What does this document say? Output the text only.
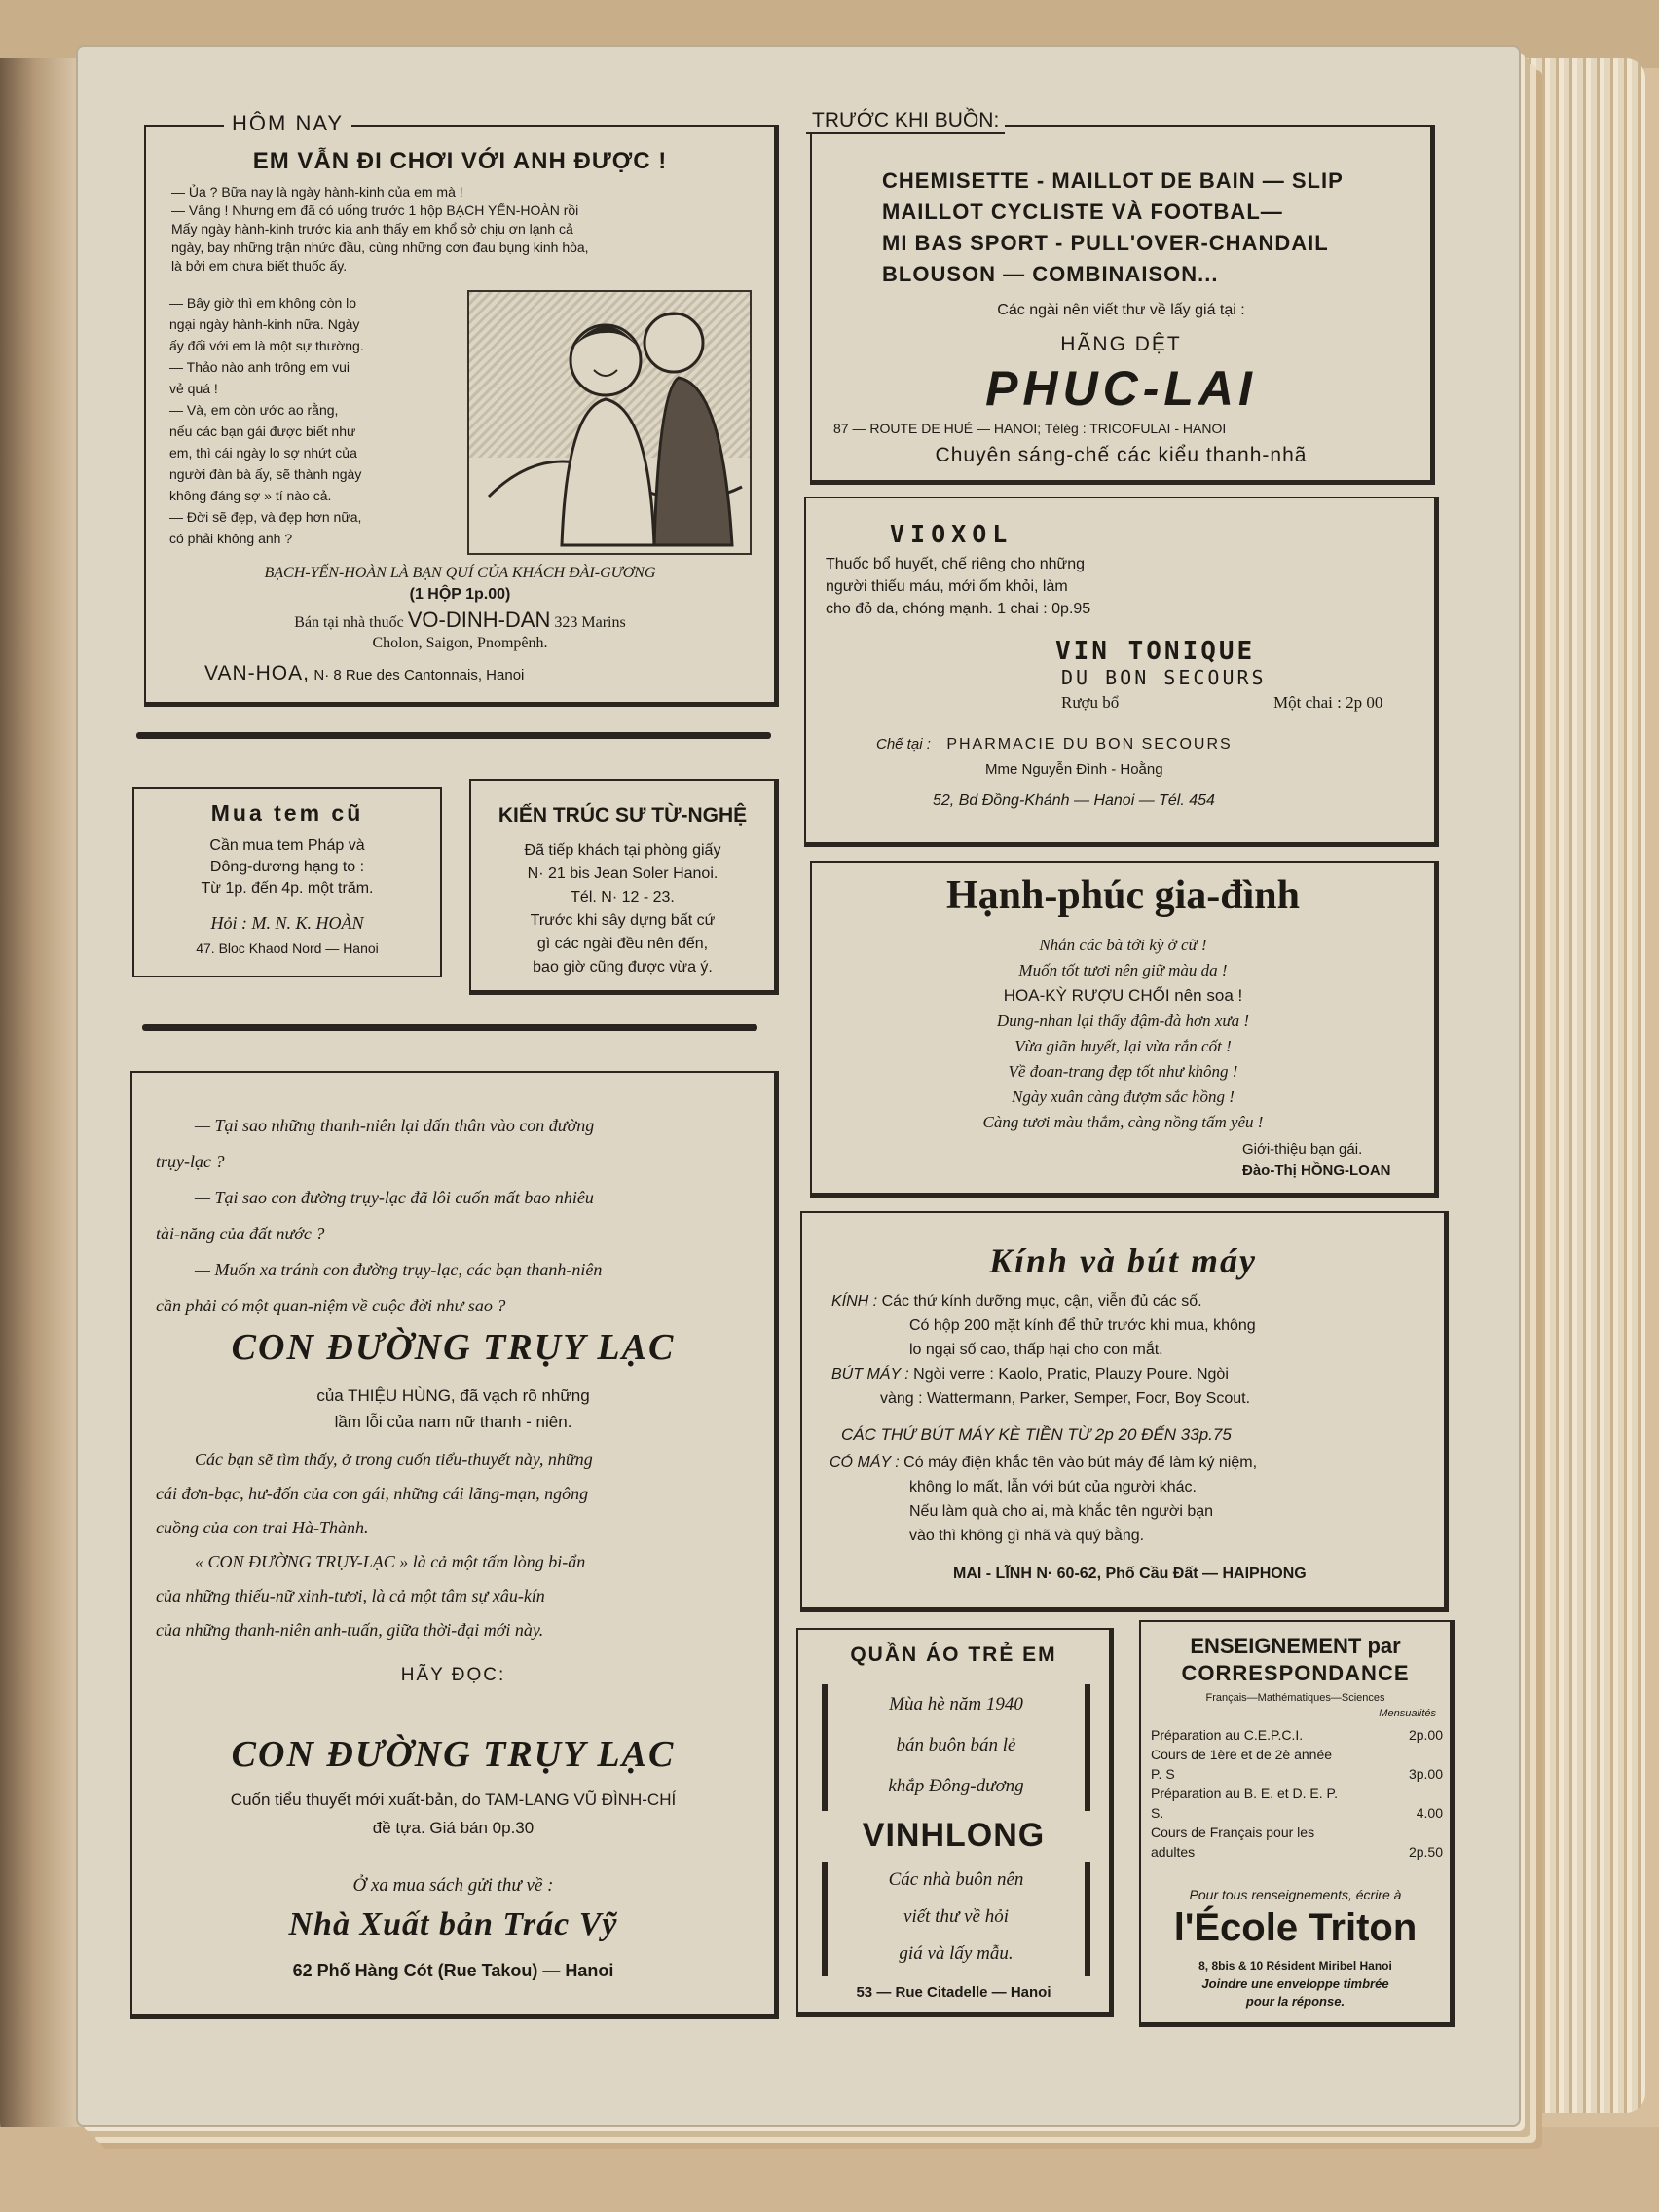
HÔM NAY
EM VẪN ĐI CHƠI VỚI ANH ĐƯỢC !
— Ủa ? Bữa nay là ngày hành-kinh của em mà !
— Vâng ! Nhưng em đã có uống trước 1 hộp BẠCH YẾN-HOÀN rồi
Mấy ngày hành-kinh trước kia anh thấy em khổ sở chịu ơn lạnh cả
ngày, bay những trận nhức đầu, cùng những cơn đau bụng kinh hòa,
là bởi em chưa biết thuốc ấy.
— Bây giờ thì em không còn lo
ngại ngày hành-kinh nữa. Ngày
ấy đối với em là một sự thường.
— Thảo nào anh trông em vui
vẻ quá !
— Và, em còn ước ao rằng,
nếu các bạn gái được biết như
em, thì cái ngày lo sợ nhứt của
người đàn bà ấy, sẽ thành ngày
không đáng sợ » tí nào cả.
— Đời sẽ đẹp, và đẹp hơn nữa,
có phải không anh ?
BẠCH-YẾN-HOÀN LÀ BẠN QUÍ CỦA KHÁCH ĐÀI-GƯƠNG
(1 HỘP 1p.00)
Bán tại nhà thuốc VO-DINH-DAN 323 Marins
Cholon, Saigon, Pnompênh.
VAN-HOA, N· 8 Rue des Cantonnais, Hanoi
Mua tem cũ
Cần mua tem Pháp và
Đông-dương hạng to :
Từ 1p. đến 4p. một trăm.
Hỏi : M. N. K. HOÀN
47. Bloc Khaod Nord — Hanoi
KIẾN TRÚC SƯ TỪ-NGHỆ
Đã tiếp khách tại phòng giấy
N· 21 bis Jean Soler Hanoi.
Tél. N· 12 - 23.
Trước khi sây dựng bất cứ
gì các ngài đều nên đến,
bao giờ cũng được vừa ý.
— Tại sao những thanh-niên lại dấn thân vào con đường
trụy-lạc ?
— Tại sao con đường trụy-lạc đã lôi cuốn mất bao nhiêu
tài-năng của đất nước ?
— Muốn xa tránh con đường trụy-lạc, các bạn thanh-niên
cần phải có một quan-niệm về cuộc đời như sao ?
CON ĐƯỜNG TRỤY LẠC
của THIỆU HÙNG, đã vạch rõ những
lầm lỗi của nam nữ thanh - niên.
Các bạn sẽ tìm thấy, ở trong cuốn tiểu-thuyết này, những
cái đơn-bạc, hư-đốn của con gái, những cái lãng-mạn, ngông
cuồng của con trai Hà-Thành.
« CON ĐƯỜNG TRỤY-LẠC » là cả một tấm lòng bi-ẩn
của những thiếu-nữ xinh-tươi, là cả một tâm sự xâu-kín
của những thanh-niên anh-tuấn, giữa thời-đại mới này.
HÃY ĐỌC:
CON ĐƯỜNG TRỤY LẠC
Cuốn tiểu thuyết mới xuất-bản, do TAM-LANG VŨ ĐÌNH-CHÍ
đề tựa. Giá bán 0p.30
Ở xa mua sách gửi thư về :
Nhà Xuất bản Trác Vỹ
62 Phố Hàng Cót (Rue Takou) — Hanoi
TRƯỚC KHI BUỒN:
CHEMISETTE - MAILLOT DE BAIN — SLIP
MAILLOT CYCLISTE VÀ FOOTBAL—
MI BAS SPORT - PULL'OVER-CHANDAIL
BLOUSON — COMBINAISON...
Các ngài nên viết thư về lấy giá tại :
HÃNG DỆT
PHUC-LAI
87 — ROUTE DE HUÉ — HANOI; Télég : TRICOFULAI - HANOI
Chuyên sáng-chế các kiểu thanh-nhã
VIOXOL
Thuốc bổ huyết, chế riêng cho những
người thiếu máu, mới ốm khỏi, làm
cho đỏ da, chóng mạnh. 1 chai : 0p.95
VIN TONIQUE
DU BON SECOURS
Rượu bổ	Một chai : 2p 00
Chế tại : PHARMACIE DU BON SECOURS
Mme Nguyễn Đình - Hoằng
52, Bd Đồng-Khánh — Hanoi — Tél. 454
Hạnh-phúc gia-đình
Nhắn các bà tới kỳ ở cữ !
Muốn tốt tươi nên giữ màu da !
HOA-KỲ RƯỢU CHỔI nên soa !
Dung-nhan lại thấy đậm-đà hơn xưa !
Vừa giãn huyết, lại vừa rắn cốt !
Về đoan-trang đẹp tốt như không !
Ngày xuân càng đượm sắc hồng !
Càng tươi màu thắm, càng nồng tấm yêu !
Giới-thiệu bạn gái.
Đào-Thị HỒNG-LOAN
Kính và bút máy
KÍNH : Các thứ kính dưỡng mục, cận, viễn đủ các số.
Có hộp 200 mặt kính để thử trước khi mua, không
lo ngại số cao, thấp hại cho con mắt.
BÚT MÁY : Ngòi verre : Kaolo, Pratic, Plauzy Poure. Ngòi
vàng : Wattermann, Parker, Semper, Focr, Boy Scout.
CÁC THỨ BÚT MÁY KÈ TIỀN TỪ 2p 20 ĐẾN 33p.75
CÓ MÁY : Có máy điện khắc tên vào bút máy để làm kỷ niệm,
không lo mất, lẫn với bút của người khác.
Nếu làm quà cho ai, mà khắc tên người bạn
vào thì không gì nhã và quý bằng.
MAI - LĨNH N· 60-62, Phố Cầu Đất — HAIPHONG
QUẦN ÁO TRẺ EM
Mùa hè năm 1940
bán buôn bán lẻ
khắp Đông-dương
VINHLONG
Các nhà buôn nên
viết thư về hỏi
giá và lấy mẫu.
53 — Rue Citadelle — Hanoi
ENSEIGNEMENT par
CORRESPONDANCE
Français—Mathématiques—Sciences
Mensualités
Préparation au C.E.P.C.I.	2p.00
Cours de 1ère et de 2è année P. S	3p.00
Préparation au B. E. et D. E. P. S.	4.00
Cours de Français pour les adultes	2p.50
Pour tous renseignements, écrire à
l'École Triton
8, 8bis & 10 Résident Miribel Hanoi
Joindre une enveloppe timbrée
pour la réponse.
